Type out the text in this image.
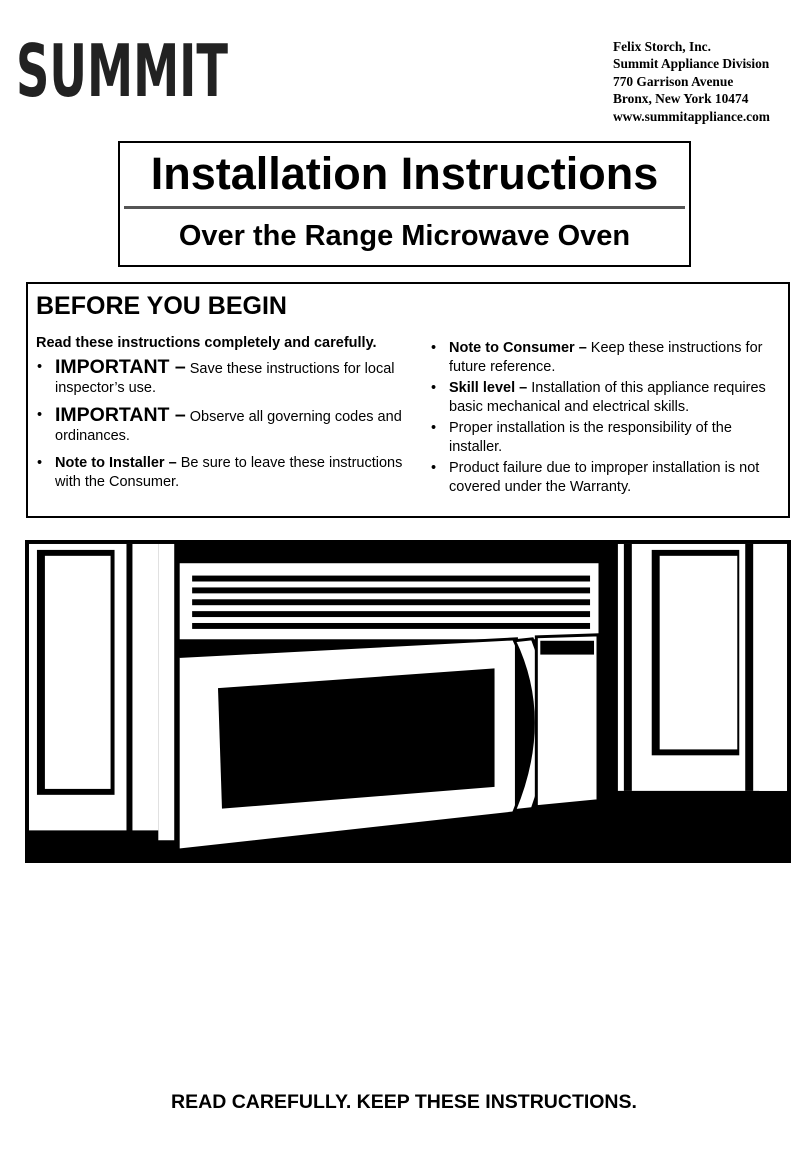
SUMMIT	Felix Storch, Inc.
Summit Appliance Division
770 Garrison Avenue
Bronx, New York 10474
www.summitappliance.com
Installation Instructions
Over the Range Microwave Oven
BEFORE YOU BEGIN
Read these instructions completely and carefully.
• IMPORTANT – Save these instructions for local inspector’s use.
• IMPORTANT – Observe all governing codes and ordinances.
• Note to Installer – Be sure to leave these instructions with the Consumer.
• Note to Consumer – Keep these instructions for future reference.
• Skill level – Installation of this appliance requires basic mechanical and electrical skills.
• Proper installation is the responsibility of the installer.
• Product failure due to improper installation is not covered under the Warranty.
READ CAREFULLY. KEEP THESE INSTRUCTIONS.
